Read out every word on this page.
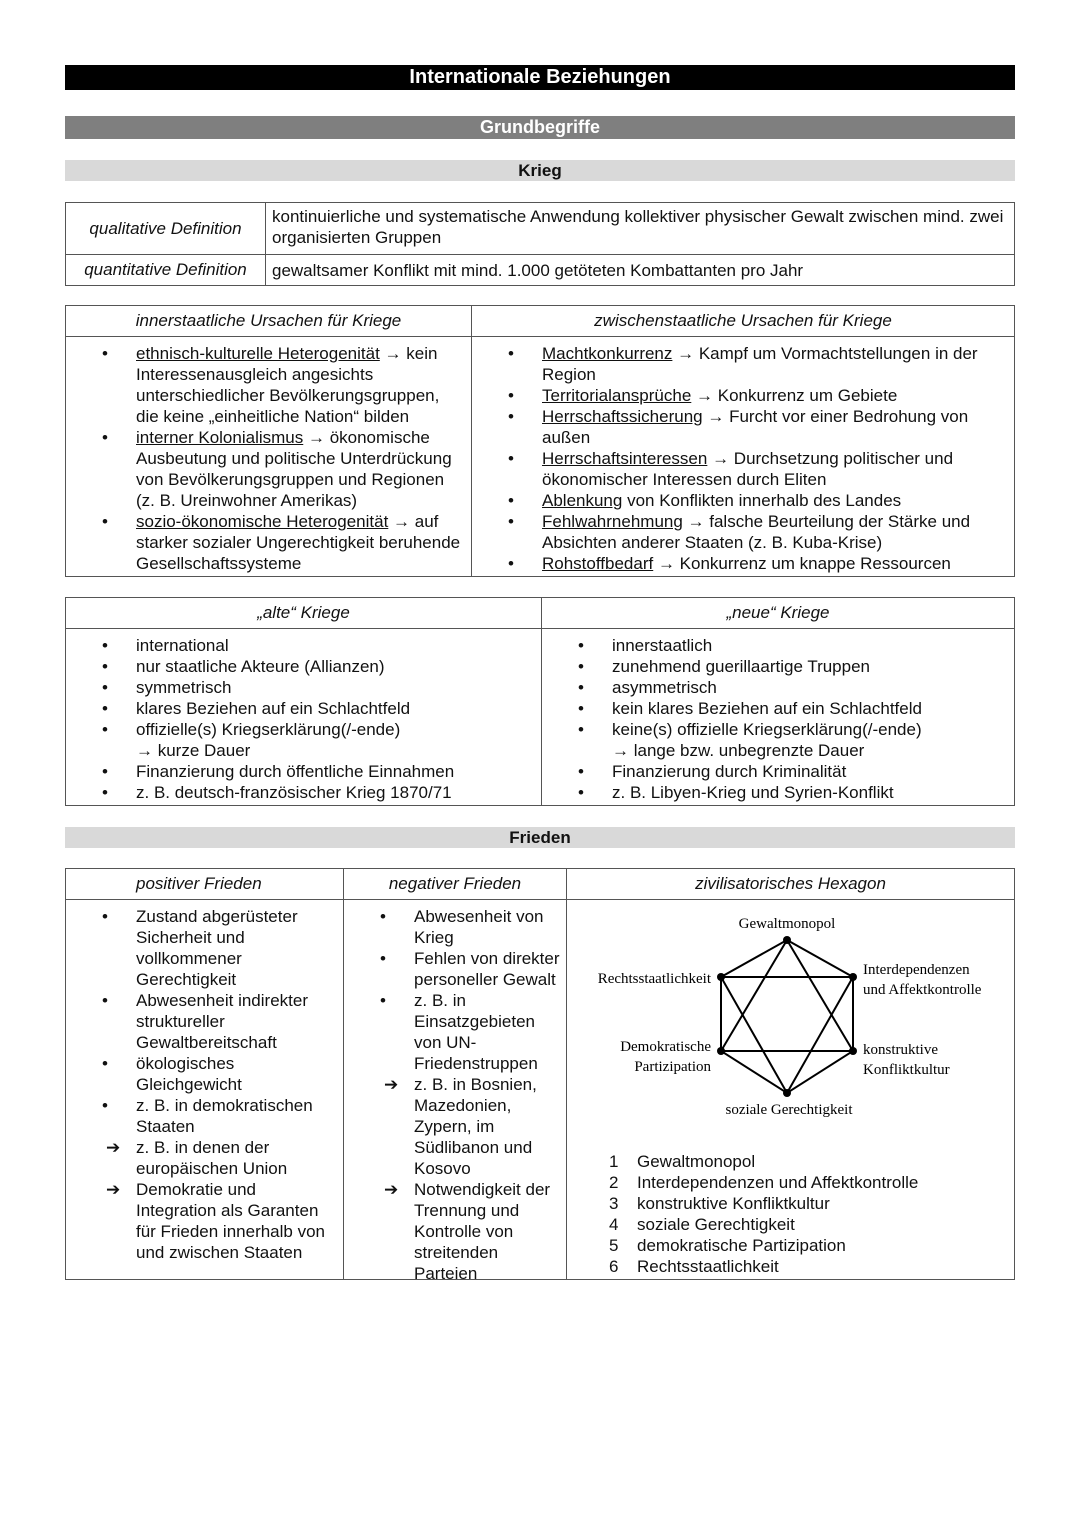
Internationale Beziehungen
Grundbegriffe
Krieg
qualitative Definition
kontinuierliche und systematische Anwendung kollektiver physischer Gewalt zwischen mind. zwei organisierten Gruppen
quantitative Definition	gewaltsamer Konflikt mit mind. 1.000 getöteten Kombattanten pro Jahr
innerstaatliche Ursachen für Kriege
• ethnisch-kulturelle Heterogenität → kein Interessenausgleich angesichts unterschiedlicher Bevölkerungsgruppen, die keine „einheitliche Nation“ bilden
• interner Kolonialismus → ökonomische Ausbeutung und politische Unterdrückung von Bevölkerungsgruppen und Regionen (z. B. Ureinwohner Amerikas)
• sozio-ökonomische Heterogenität → auf starker sozialer Ungerechtigkeit beruhende Gesellschaftssysteme
zwischenstaatliche Ursachen für Kriege
• Machtkonkurrenz → Kampf um Vormachtstellungen in der Region
• Territorialansprüche → Konkurrenz um Gebiete
• Herrschaftssicherung → Furcht vor einer Bedrohung von außen
• Herrschaftsinteressen → Durchsetzung politischer und ökonomischer Interessen durch Eliten
• Ablenkung von Konflikten innerhalb des Landes
• Fehlwahrnehmung → falsche Beurteilung der Stärke und Absichten anderer Staaten (z. B. Kuba-Krise)
• Rohstoffbedarf → Konkurrenz um knappe Ressourcen
„alte“ Kriege
• international
• nur staatliche Akteure (Allianzen)
• symmetrisch
• klares Beziehen auf ein Schlachtfeld
• offizielle(s) Kriegserklärung(/-ende)
→ kurze Dauer
• Finanzierung durch öffentliche Einnahmen
• z. B. deutsch-französischer Krieg 1870/71
„neue“ Kriege
• innerstaatlich
• zunehmend guerillaartige Truppen
• asymmetrisch
• kein klares Beziehen auf ein Schlachtfeld
• keine(s) offizielle Kriegserklärung(/-ende)
→ lange bzw. unbegrenzte Dauer
• Finanzierung durch Kriminalität
• z. B. Libyen-Krieg und Syrien-Konflikt
Frieden
positiver Frieden
• Zustand abgerüsteter Sicherheit und vollkommener Gerechtigkeit
• Abwesenheit indirekter struktureller Gewaltbereitschaft
• ökologisches Gleichgewicht
• z. B. in demokratischen Staaten
➔ z. B. in denen der europäischen Union
➔ Demokratie und Integration als Garanten für Frieden innerhalb von und zwischen Staaten
negativer Frieden
• Abwesenheit von Krieg
• Fehlen von direkter personeller Gewalt
• z. B. in Einsatzgebieten von UN-Friedenstruppen
➔ z. B. in Bosnien, Mazedonien, Zypern, im Südlibanon und Kosovo
➔ Notwendigkeit der Trennung und Kontrolle von streitenden Parteien
zivilisatorisches Hexagon
Gewaltmonopol
Interdependenzen
und Affektkontrolle
konstruktive
Konfliktkultur
soziale Gerechtigkeit
Demokratische
Partizipation
Rechtsstaatlichkeit
1 Gewaltmonopol
2 Interdependenzen und Affektkontrolle
3 konstruktive Konfliktkultur
4 soziale Gerechtigkeit
5 demokratische Partizipation
6 Rechtsstaatlichkeit
